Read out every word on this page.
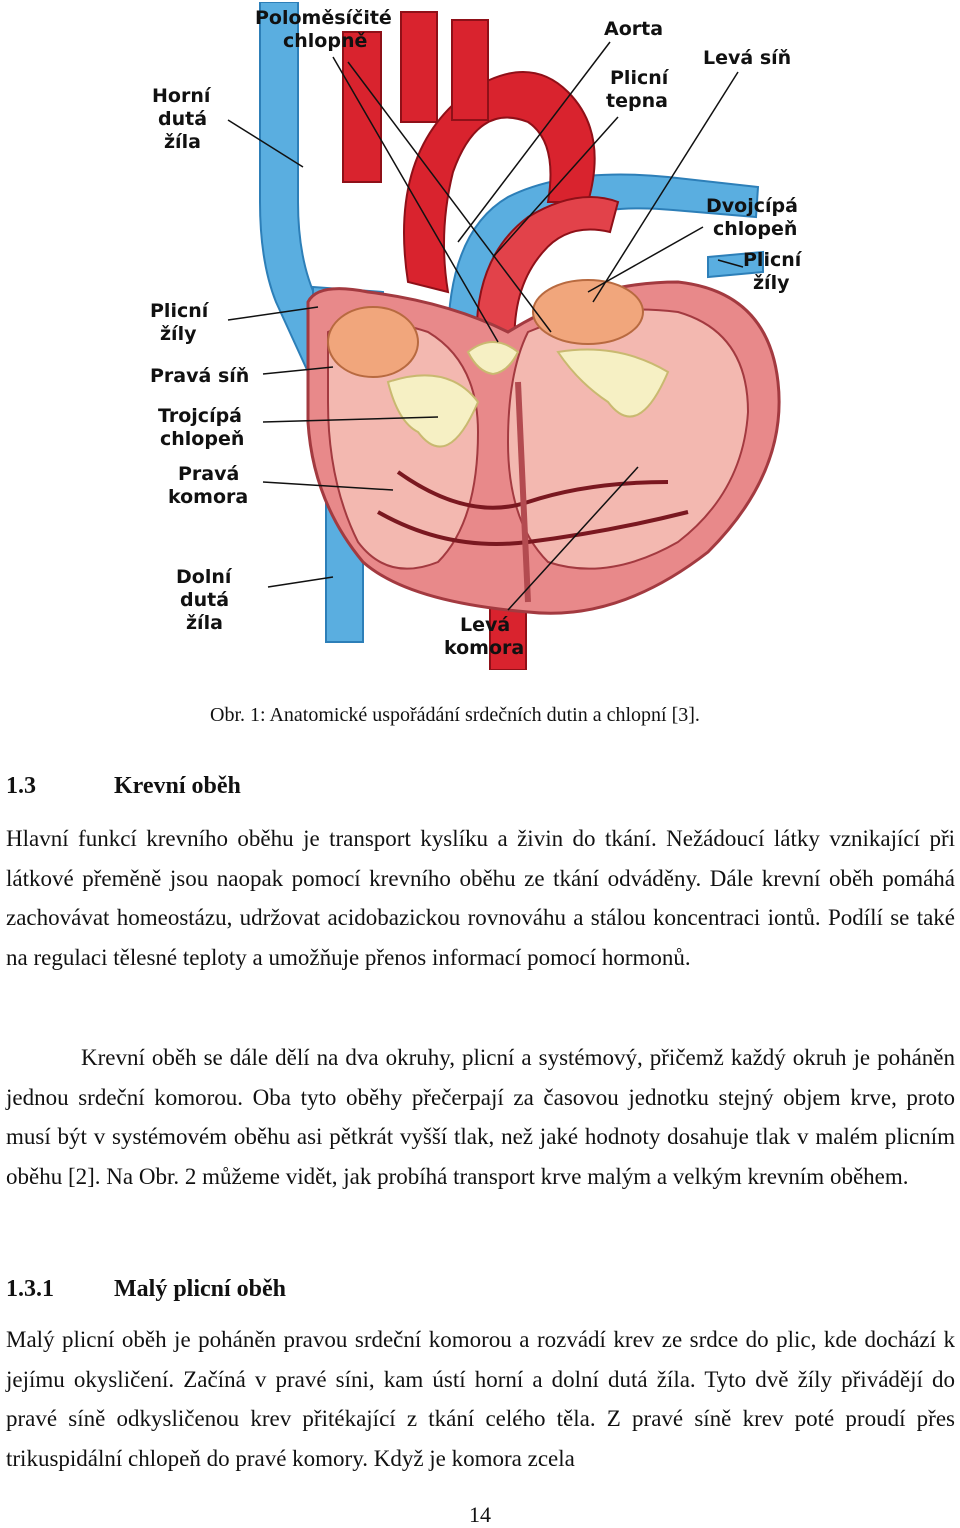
Poloměsíčité
chlopně
Aorta
Levá síň
Plicní
tepna
Horní
dutá
žíla
Dvojcípá
chlopeň
Plicní
žíly
Plicní
žíly
Pravá síň
Trojcípá
chlopeň
Pravá
komora
Dolní
dutá
žíla	Levá
komora
Obr. 1: Anatomické uspořádání srdečních dutin a chlopní [3].
1.3	Krevní oběh

Hlavní funkcí krevního oběhu je transport kyslíku a živin do tkání. Nežádoucí látky vznikající při látkové přeměně jsou naopak pomocí krevního oběhu ze tkání odváděny. Dále krevní oběh pomáhá zachovávat homeostázu, udržovat acidobazickou rovnováhu a stálou koncentraci iontů. Podílí se také na regulaci tělesné teploty a umožňuje přenos informací pomocí hormonů.

Krevní oběh se dále dělí na dva okruhy, plicní a systémový, přičemž každý okruh je poháněn jednou srdeční komorou. Oba tyto oběhy přečerpají za časovou jednotku stejný objem krve, proto musí být v systémovém oběhu asi pětkrát vyšší tlak, než jaké hodnoty dosahuje tlak v malém plicním oběhu [2]. Na Obr. 2 můžeme vidět, jak probíhá transport krve malým a velkým krevním oběhem.

1.3.1	Malý plicní oběh

Malý plicní oběh je poháněn pravou srdeční komorou a rozvádí krev ze srdce do plic, kde dochází k jejímu okysličení. Začíná v pravé síni, kam ústí horní a dolní dutá žíla. Tyto dvě žíly přivádějí do pravé síně odkysličenou krev přitékající z tkání celého těla. Z pravé síně krev poté proudí přes trikuspidální chlopeň do pravé komory. Když je komora zcela

14
